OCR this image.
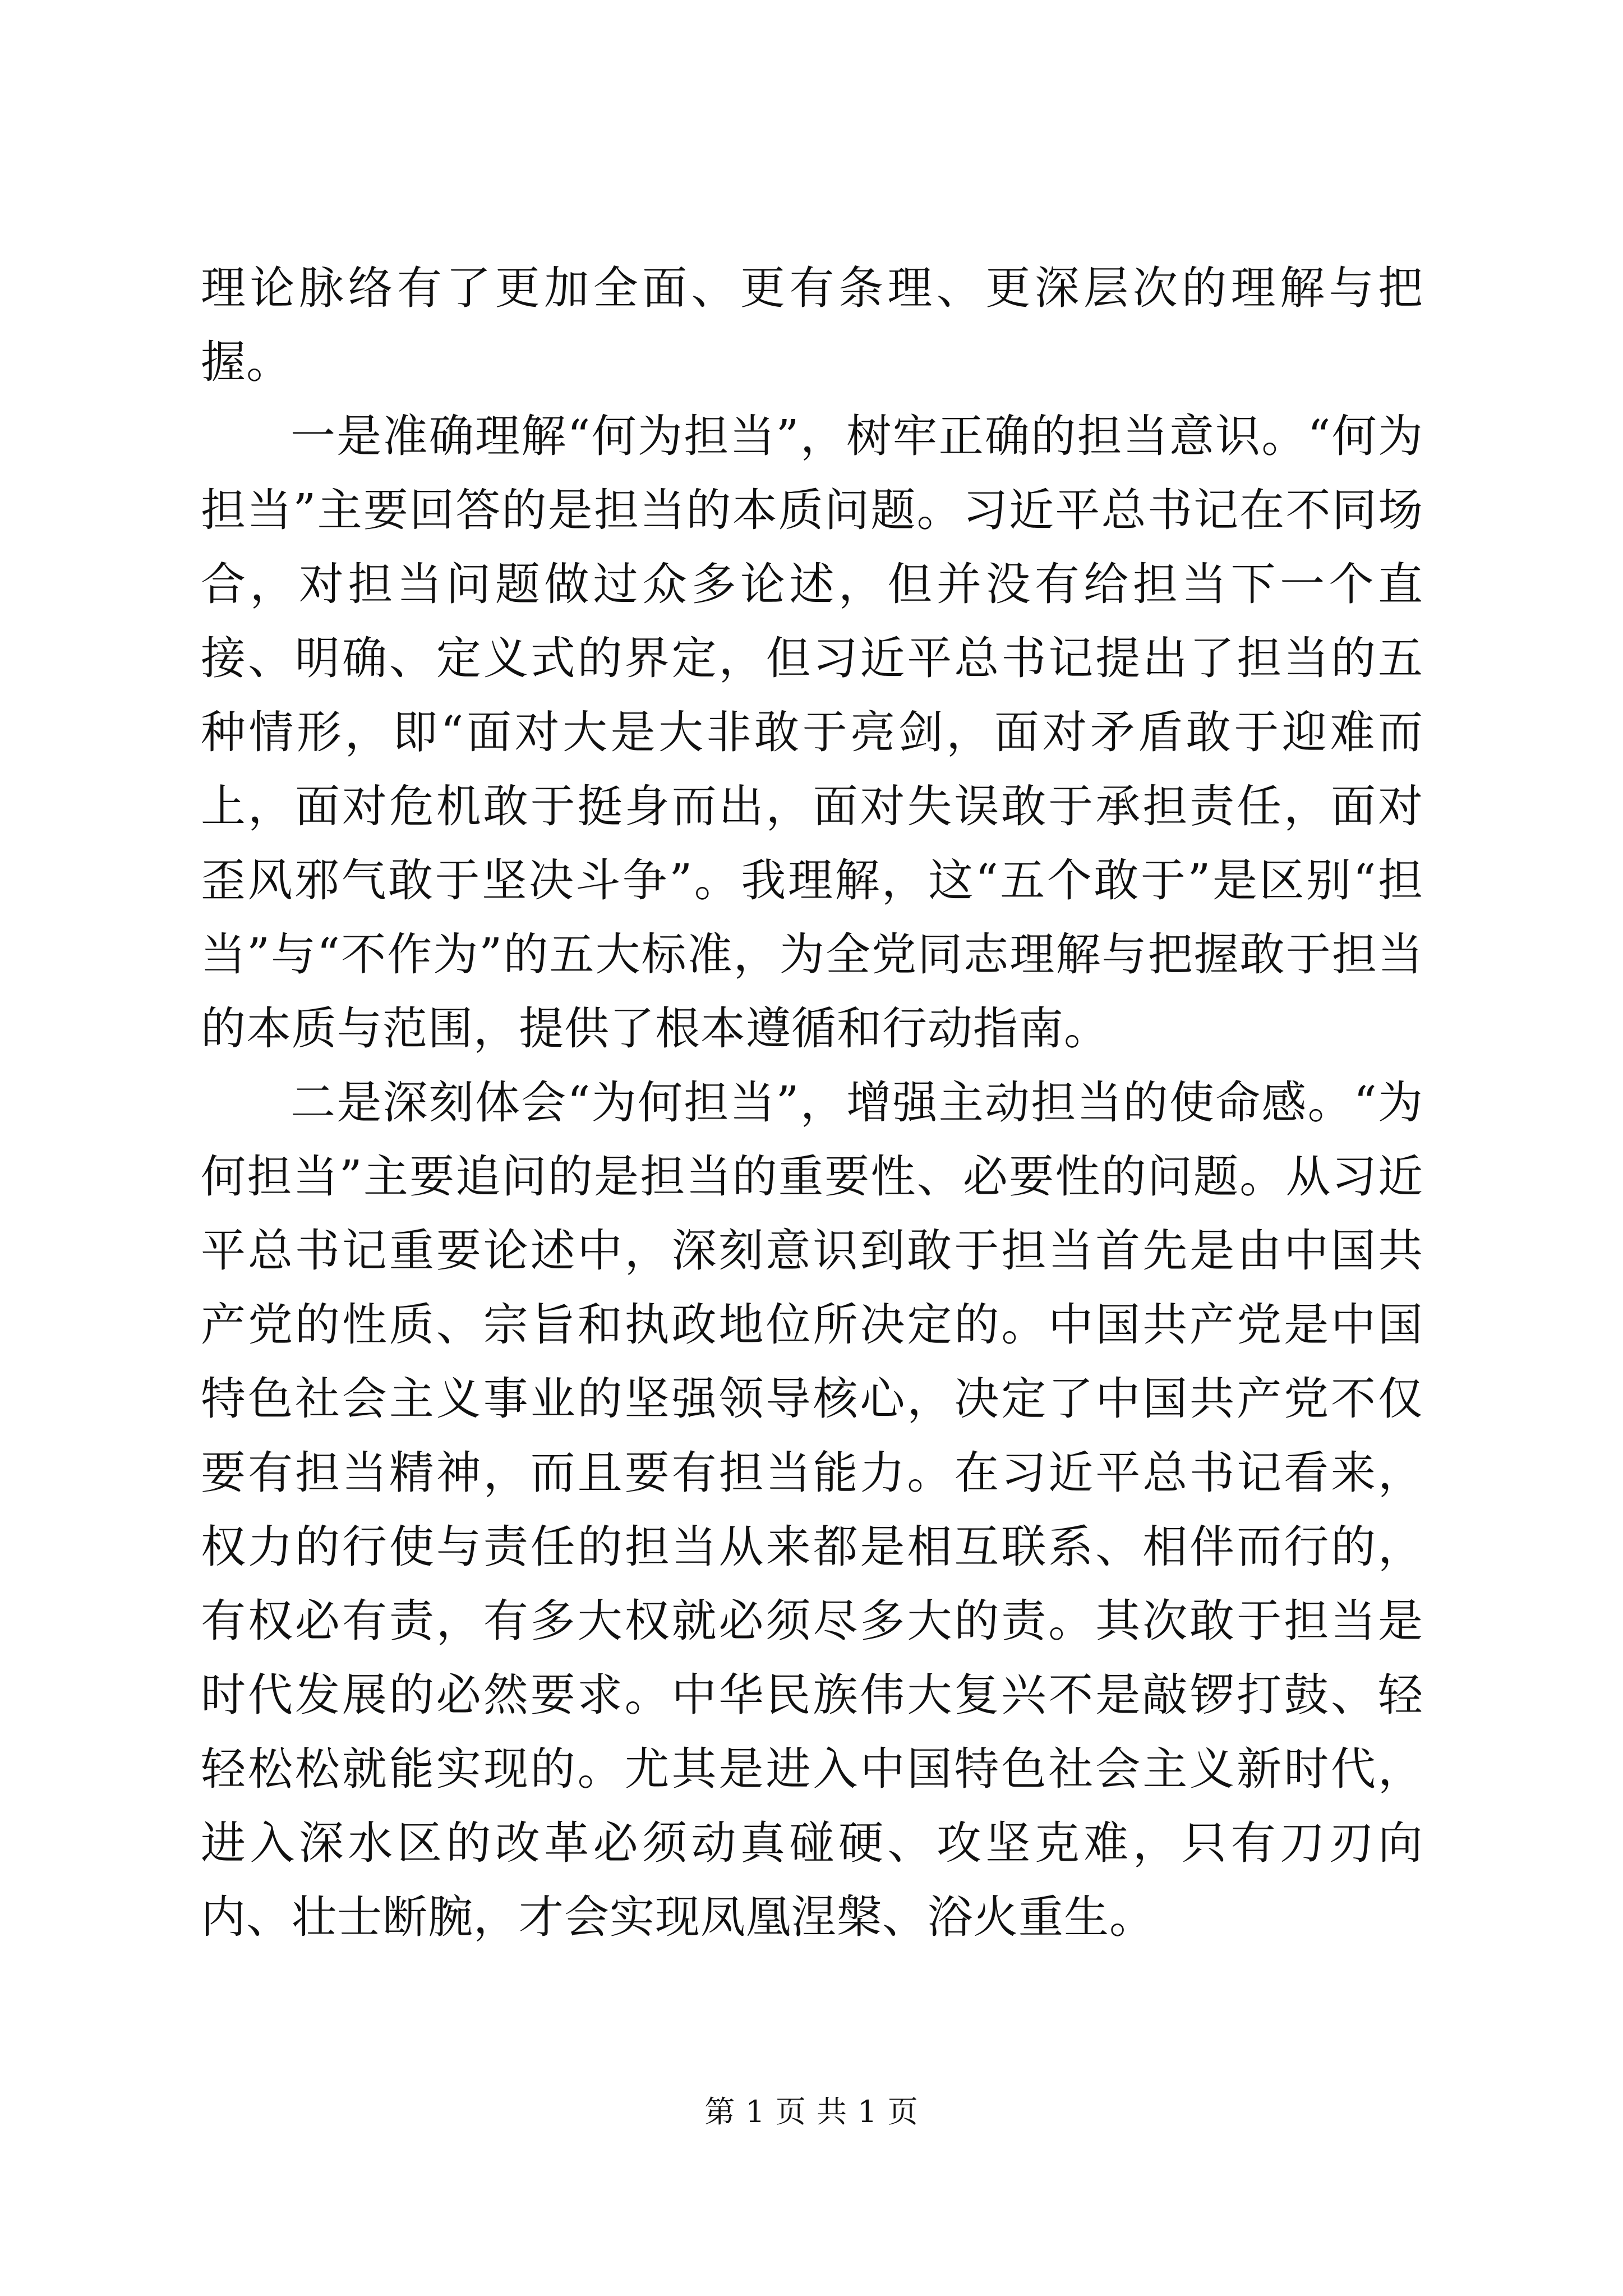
理论脉络有了更加全面、更有条理、更深层次的理解与把握。

一是准确理解“何为担当”，树牢正确的担当意识。“何为担当”主要回答的是担当的本质问题。习近平总书记在不同场合，对担当问题做过众多论述，但并没有给担当下一个直接、明确、定义式的界定，但习近平总书记提出了担当的五种情形，即“面对大是大非敢于亮剑，面对矛盾敢于迎难而上，面对危机敢于挺身而出，面对失误敢于承担责任，面对歪风邪气敢于坚决斗争”。我理解，这“五个敢于”是区别“担当”与“不作为”的五大标准，为全党同志理解与把握敢于担当的本质与范围，提供了根本遵循和行动指南。

二是深刻体会“为何担当”，增强主动担当的使命感。“为何担当”主要追问的是担当的重要性、必要性的问题。从习近平总书记重要论述中，深刻意识到敢于担当首先是由中国共产党的性质、宗旨和执政地位所决定的。中国共产党是中国特色社会主义事业的坚强领导核心，决定了中国共产党不仅要有担当精神，而且要有担当能力。在习近平总书记看来，权力的行使与责任的担当从来都是相互联系、相伴而行的，有权必有责，有多大权就必须尽多大的责。其次敢于担当是时代发展的必然要求。中华民族伟大复兴不是敲锣打鼓、轻轻松松就能实现的。尤其是进入中国特色社会主义新时代，进入深水区的改革必须动真碰硬、攻坚克难，只有刀刃向内、壮士断腕，才会实现凤凰涅槃、浴火重生。

第 1 页 共 1 页
